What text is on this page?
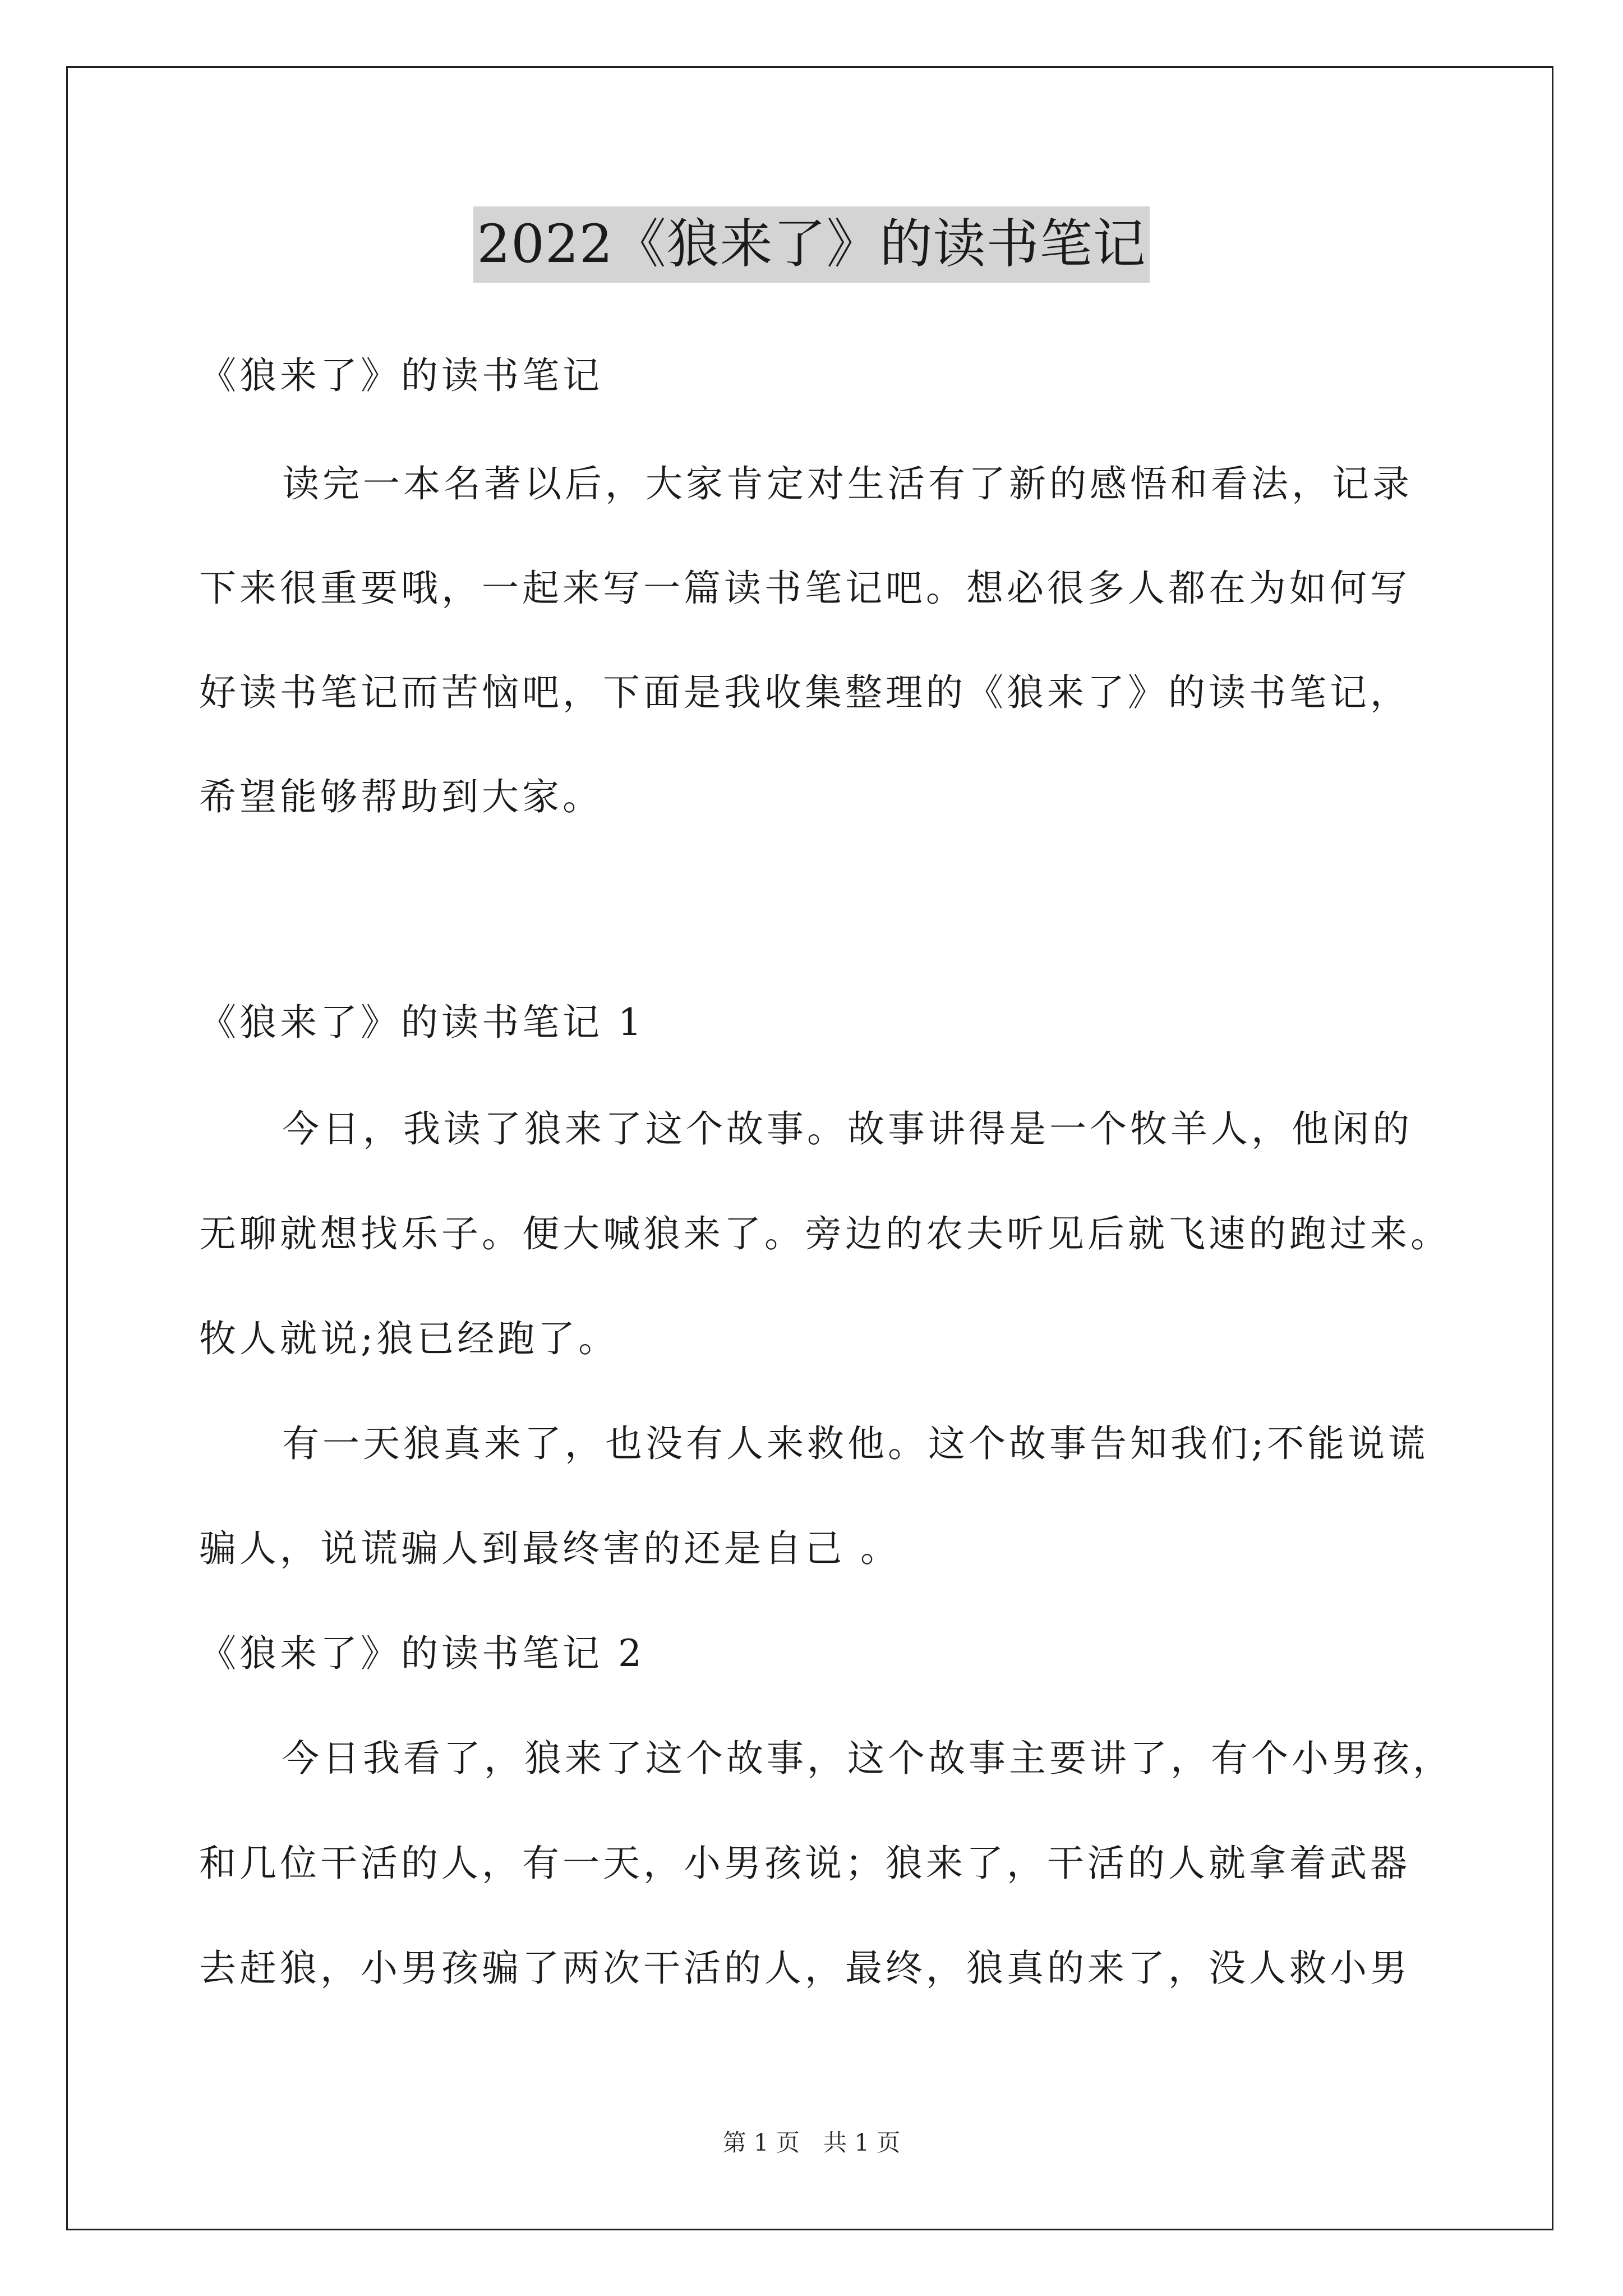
2022《狼来了》的读书笔记
《狼来了》的读书笔记
读完一本名著以后，大家肯定对生活有了新的感悟和看法，记录
下来很重要哦，一起来写一篇读书笔记吧。想必很多人都在为如何写
好读书笔记而苦恼吧，下面是我收集整理的《狼来了》的读书笔记，
希望能够帮助到大家。
《狼来了》的读书笔记 1
今日，我读了狼来了这个故事。故事讲得是一个牧羊人，他闲的
无聊就想找乐子。便大喊狼来了。旁边的农夫听见后就飞速的跑过来。
牧人就说;狼已经跑了。
有一天狼真来了，也没有人来救他。这个故事告知我们;不能说谎
骗人，说谎骗人到最终害的还是自己 。
《狼来了》的读书笔记 2
今日我看了，狼来了这个故事，这个故事主要讲了，有个小男孩，
和几位干活的人，有一天，小男孩说；狼来了，干活的人就拿着武器
去赶狼，小男孩骗了两次干活的人，最终，狼真的来了，没人救小男
第 1 页　共 1 页
